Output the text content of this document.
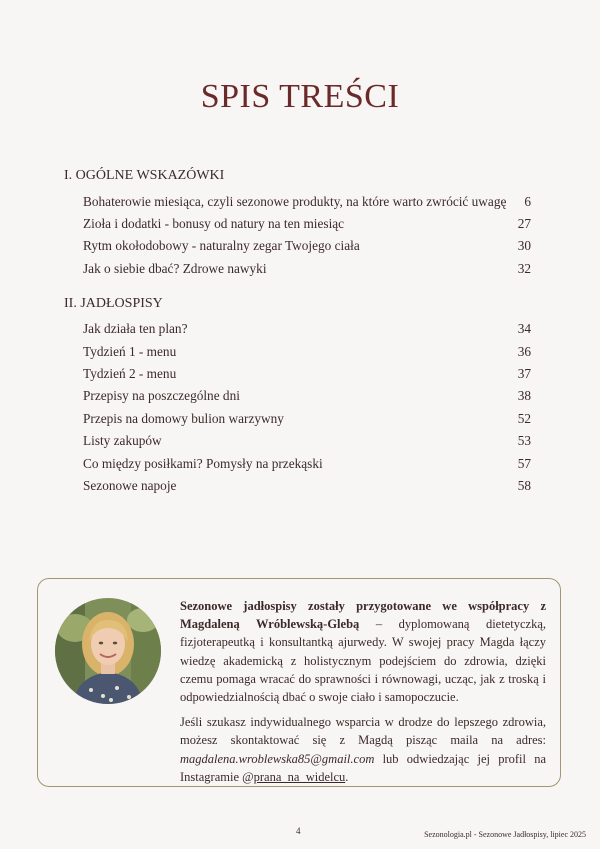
SPIS TREŚCI
I. OGÓLNE WSKAZÓWKI
Bohaterowie miesiąca, czyli sezonowe produkty, na które warto zwrócić uwagę 6
Zioła i dodatki - bonusy od natury na ten miesiąc	27
Rytm okołodobowy - naturalny zegar Twojego ciała	30
Jak o siebie dbać? Zdrowe nawyki	32
II. JADŁOSPISY
Jak działa ten plan?	34
Tydzień 1 - menu	36
Tydzień 2 - menu	37
Przepisy na poszczególne dni	38
Przepis na domowy bulion warzywny	52
Listy zakupów	53
Co między posiłkami? Pomysły na przekąski	57
Sezonowe napoje	58

Sezonowe jadłospisy zostały przygotowane we współpracy z Magdaleną Wróblewską-Glebą – dyplomowaną dietetyczką, fizjoterapeutką i konsultantką ajurwedy. W swojej pracy Magda łączy wiedzę akademicką z holistycznym podejściem do zdrowia, dzięki czemu pomaga wracać do sprawności i równowagi, ucząc, jak z troską i odpowiedzialnością dbać o swoje ciało i samopoczucie.

Jeśli szukasz indywidualnego wsparcia w drodze do lepszego zdrowia, możesz skontaktować się z Magdą pisząc maila na adres: magdalena.wroblewska85@gmail.com lub odwiedzając jej profil na Instagramie @prana_na_widelcu.

4	Sezonologia.pl - Sezonowe Jadłospisy, lipiec 2025
